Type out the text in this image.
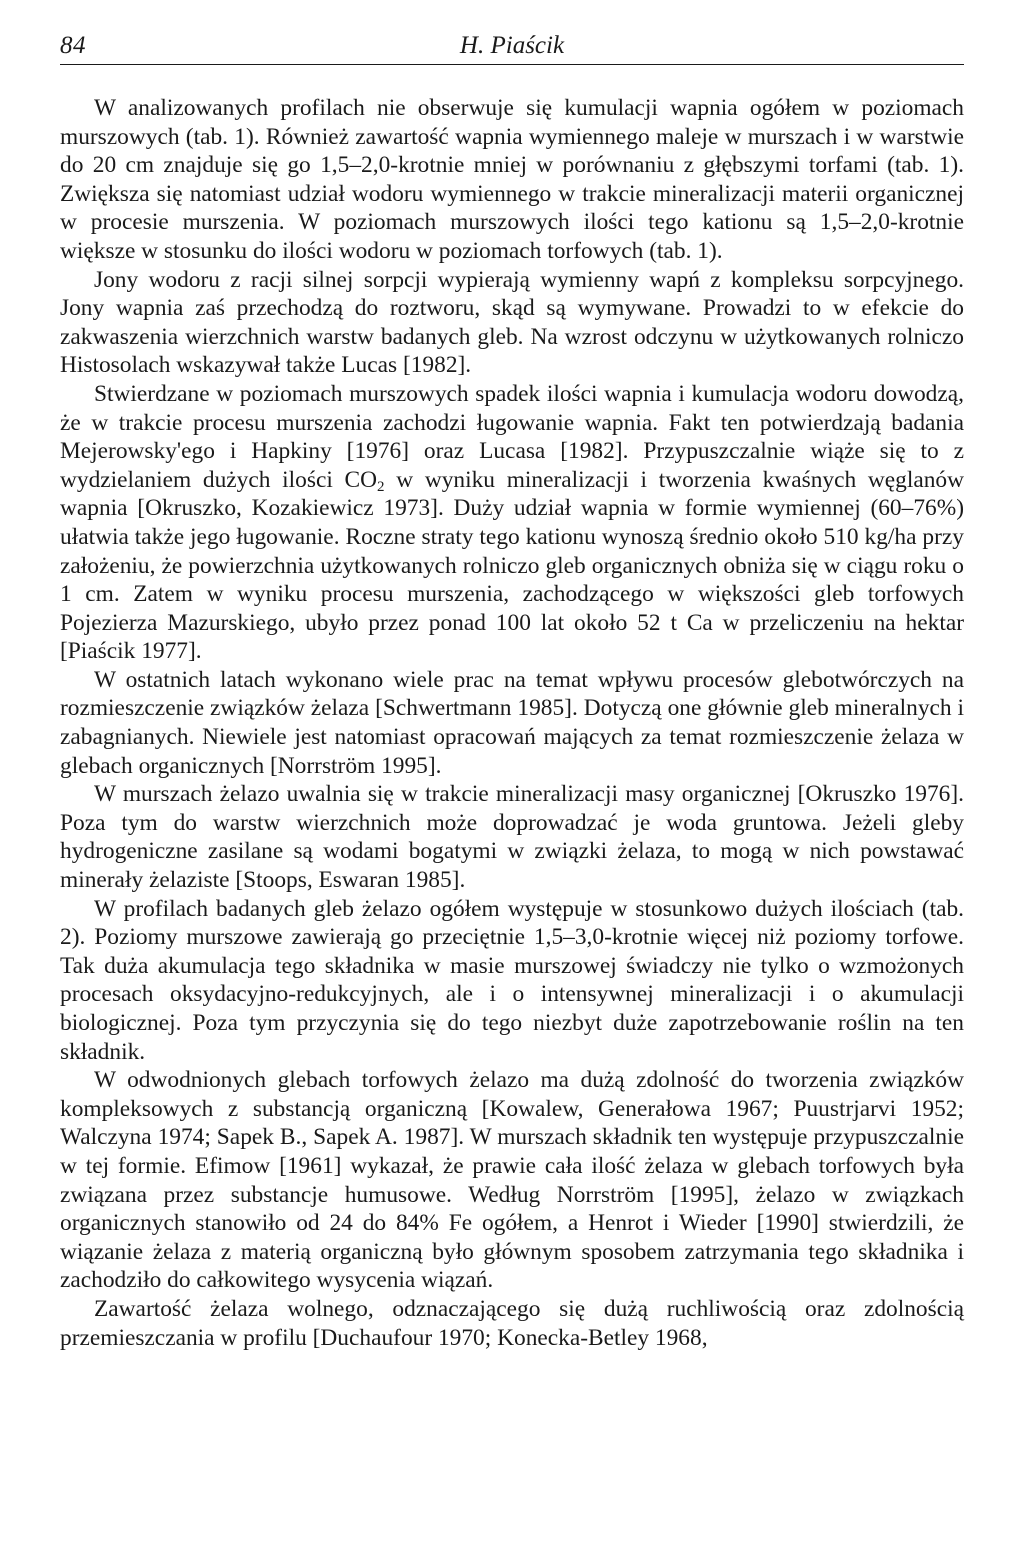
84	H. Piaścik

W analizowanych profilach nie obserwuje się kumulacji wapnia ogółem w poziomach murszowych (tab. 1). Również zawartość wapnia wymiennego maleje w murszach i w warstwie do 20 cm znajduje się go 1,5–2,0-krotnie mniej w porównaniu z głębszymi torfami (tab. 1). Zwiększa się natomiast udział wodoru wymiennego w trakcie mineralizacji materii organicznej w procesie murszenia. W poziomach murszowych ilości tego kationu są 1,5–2,0-krotnie większe w stosunku do ilości wodoru w poziomach torfowych (tab. 1).

Jony wodoru z racji silnej sorpcji wypierają wymienny wapń z kompleksu sorpcyjnego. Jony wapnia zaś przechodzą do roztworu, skąd są wymywane. Prowadzi to w efekcie do zakwaszenia wierzchnich warstw badanych gleb. Na wzrost odczynu w użytkowanych rolniczo Histosolach wskazywał także Lucas [1982].

Stwierdzane w poziomach murszowych spadek ilości wapnia i kumulacja wodoru dowodzą, że w trakcie procesu murszenia zachodzi ługowanie wapnia. Fakt ten potwierdzają badania Mejerowsky'ego i Hapkiny [1976] oraz Lucasa [1982]. Przypuszczalnie wiąże się to z wydzielaniem dużych ilości $CO_2$ w wyniku mineralizacji i tworzenia kwaśnych węglanów wapnia [Okruszko, Kozakiewicz 1973]. Duży udział wapnia w formie wymiennej (60–76%) ułatwia także jego ługowanie. Roczne straty tego kationu wynoszą średnio około 510 kg/ha przy założeniu, że powierzchnia użytkowanych rolniczo gleb organicznych obniża się w ciągu roku o 1 cm. Zatem w wyniku procesu murszenia, zachodzącego w większości gleb torfowych Pojezierza Mazurskiego, ubyło przez ponad 100 lat około 52 t Ca w przeliczeniu na hektar [Piaścik 1977].

W ostatnich latach wykonano wiele prac na temat wpływu procesów glebotwórczych na rozmieszczenie związków żelaza [Schwertmann 1985]. Dotyczą one głównie gleb mineralnych i zabagnianych. Niewiele jest natomiast opracowań mających za temat rozmieszczenie żelaza w glebach organicznych [Norrström 1995].

W murszach żelazo uwalnia się w trakcie mineralizacji masy organicznej [Okruszko 1976]. Poza tym do warstw wierzchnich może doprowadzać je woda gruntowa. Jeżeli gleby hydrogeniczne zasilane są wodami bogatymi w związki żelaza, to mogą w nich powstawać minerały żelaziste [Stoops, Eswaran 1985].

W profilach badanych gleb żelazo ogółem występuje w stosunkowo dużych ilościach (tab. 2). Poziomy murszowe zawierają go przeciętnie 1,5–3,0-krotnie więcej niż poziomy torfowe. Tak duża akumulacja tego składnika w masie murszowej świadczy nie tylko o wzmożonych procesach oksydacyjno-redukcyjnych, ale i o intensywnej mineralizacji i o akumulacji biologicznej. Poza tym przyczynia się do tego niezbyt duże zapotrzebowanie roślin na ten składnik.

W odwodnionych glebach torfowych żelazo ma dużą zdolność do tworzenia związków kompleksowych z substancją organiczną [Kowalew, Generałowa 1967; Puustrjarvi 1952; Walczyna 1974; Sapek B., Sapek A. 1987]. W murszach składnik ten występuje przypuszczalnie w tej formie. Efimow [1961] wykazał, że prawie cała ilość żelaza w glebach torfowych była związana przez substancje humusowe. Według Norrström [1995], żelazo w związkach organicznych stanowiło od 24 do 84% Fe ogółem, a Henrot i Wieder [1990] stwierdzili, że wiązanie żelaza z materią organiczną było głównym sposobem zatrzymania tego składnika i zachodziło do całkowitego wysycenia wiązań.

Zawartość żelaza wolnego, odznaczającego się dużą ruchliwością oraz zdolnością przemieszczania w profilu [Duchaufour 1970; Konecka-Betley 1968,
